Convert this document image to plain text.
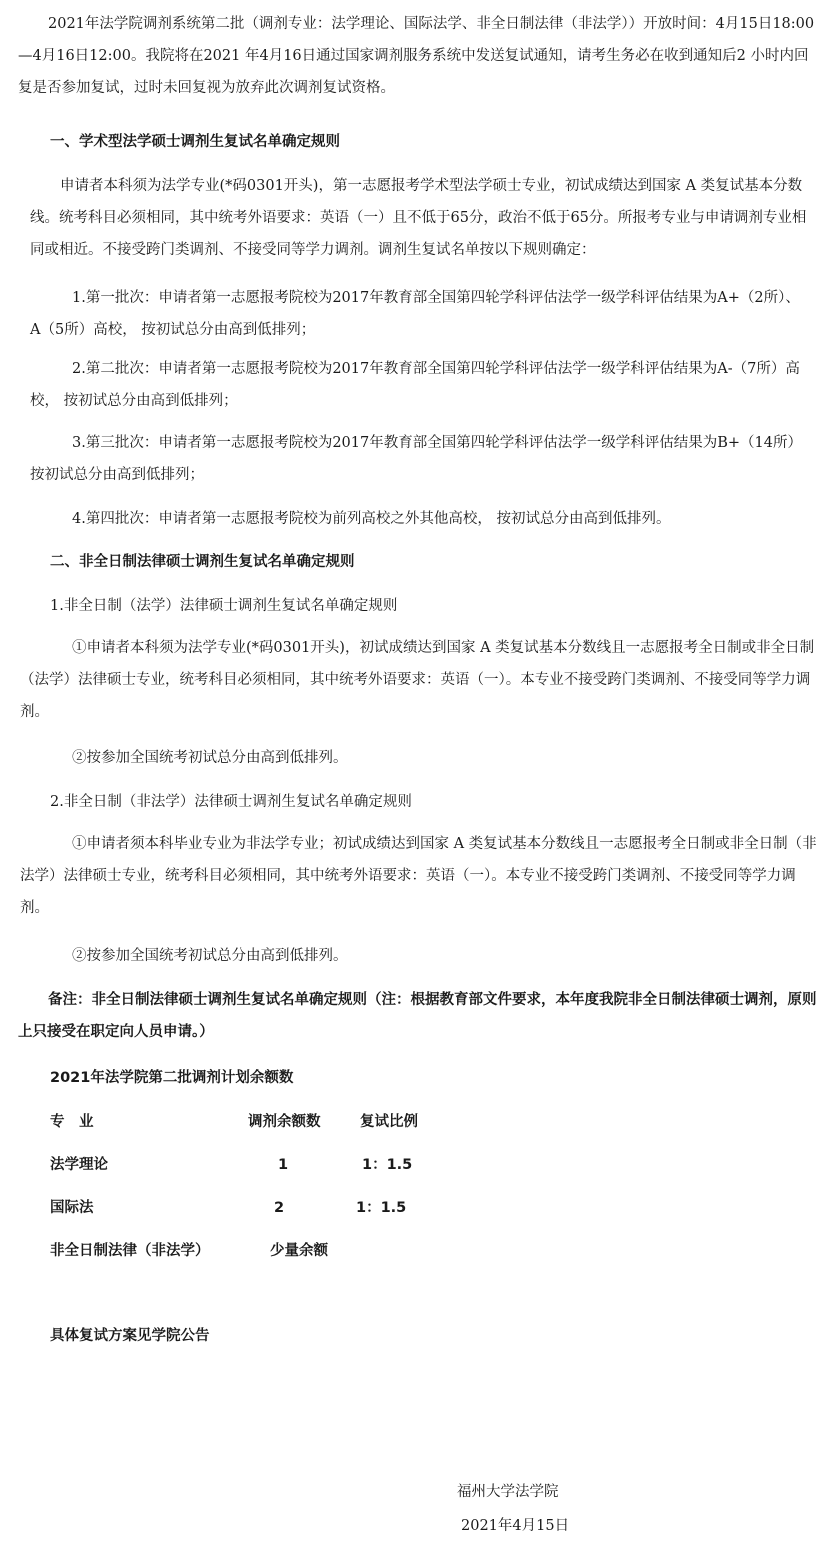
2021年法学院调剂系统第二批（调剂专业：法学理论、国际法学、非全日制法律（非法学））开放时间：4月15日18:00—4月16日12:00。我院将在2021 年4月16日通过国家调剂服务系统中发送复试通知，请考生务必在收到通知后2 小时内回复是否参加复试，过时未回复视为放弃此次调剂复试资格。

一、学术型法学硕士调剂生复试名单确定规则

申请者本科须为法学专业(*码0301开头)，第一志愿报考学术型法学硕士专业，初试成绩达到国家 A 类复试基本分数线。统考科目必须相同，其中统考外语要求：英语（一）且不低于65分，政治不低于65分。所报考专业与申请调剂专业相同或相近。不接受跨门类调剂、不接受同等学力调剂。调剂生复试名单按以下规则确定：

1.第一批次：申请者第一志愿报考院校为2017年教育部全国第四轮学科评估法学一级学科评估结果为A+（2所）、A（5所）高校， 按初试总分由高到低排列；

2.第二批次：申请者第一志愿报考院校为2017年教育部全国第四轮学科评估法学一级学科评估结果为A-（7所）高校， 按初试总分由高到低排列；

3.第三批次：申请者第一志愿报考院校为2017年教育部全国第四轮学科评估法学一级学科评估结果为B+（14所）按初试总分由高到低排列；

4.第四批次：申请者第一志愿报考院校为前列高校之外其他高校， 按初试总分由高到低排列。

二、非全日制法律硕士调剂生复试名单确定规则

1.非全日制（法学）法律硕士调剂生复试名单确定规则

①申请者本科须为法学专业(*码0301开头)，初试成绩达到国家 A 类复试基本分数线且一志愿报考全日制或非全日制（法学）法律硕士专业，统考科目必须相同，其中统考外语要求：英语（一）。本专业不接受跨门类调剂、不接受同等学力调剂。

②按参加全国统考初试总分由高到低排列。

2.非全日制（非法学）法律硕士调剂生复试名单确定规则

①申请者须本科毕业专业为非法学专业；初试成绩达到国家 A 类复试基本分数线且一志愿报考全日制或非全日制（非法学）法律硕士专业，统考科目必须相同，其中统考外语要求：英语（一）。本专业不接受跨门类调剂、不接受同等学力调剂。

②按参加全国统考初试总分由高到低排列。

备注：非全日制法律硕士调剂生复试名单确定规则（注：根据教育部文件要求，本年度我院非全日制法律硕士调剂，原则上只接受在职定向人员申请。）

2021年法学院第二批调剂计划余额数

专　业	调剂余额数	复试比例
法学理论	1	1：1.5
国际法	2	1：1.5
非全日制法律（非法学）	少量余额

具体复试方案见学院公告

福州大学法学院
2021年4月15日
